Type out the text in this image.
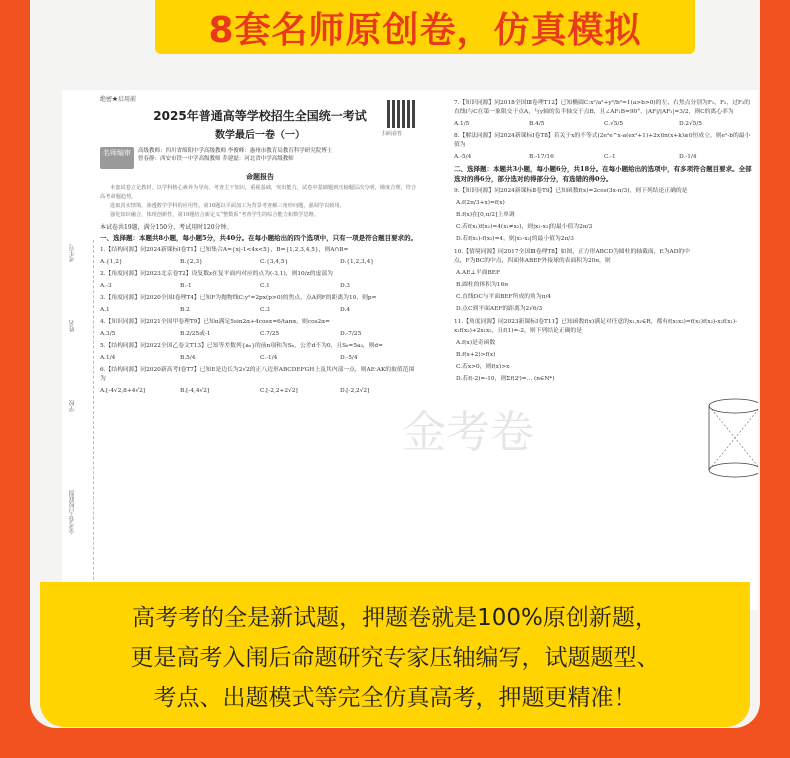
8套名师原创卷，仿真模拟
考生号
姓名
学校
金考卷·百校联盟
绝密★启用前
扫码看答
2025年普通高等学校招生全国统一考试
数学最后一卷（一）
名师编审	高级教师：四川省绵阳中学高级教师 李俊峰：惠州市教育局教育科学研究院博士
曾春静：西安市铁一中学高级教师 乔建磊：河北省中学高级教师
命题报告
本套试卷立足教材，以学科核心素养为导向，考查主干知识，重视基础，突出能力，试卷中基础题到压轴题层次分明，梯度合理，符合高考命题趋势。
选取真实情境，渗透数学学科的应用性。第16题以平面加工为背景考查解三角形问题，强调学以致用。
强化知识融合，体现创新性，第19题结合新定义“整数系”考查学生的综合能力和数学思维。
本试卷共19题，满分150分，考试用时120分钟。
一、选择题：本题共8小题，每小题5分，共40分。在每小题给出的四个选项中，只有一项是符合题目要求的。
1.【结构同源】同2024新课标Ⅰ卷T1】已知集合A={x|-1<4x<5}，B={1,2,3,4,5}，则A∩B=
A.{1,2}	B.{2,3}	C.{3,4,5}	D.{1,2,3,4}
2.【角度同源】同2023北京卷T2】设复数z在复平面内对应的点为(-3,1)，则10/z的虚部为
A.-3	B.-1	C.1	D.3
3.【角度同源】同2020全国Ⅰ卷理T4】已知F为抛物线C:y²=2px(p>0)的焦点，点A到F的距离为10，则p=
A.1	B.2	C.3	D.4
4.【知识同源】同2021全国甲卷理T9】已知α满足5sin2α+4cosα=6/tanα，则cos2α=
A.3/5	B.2/25或-1	C.7/25	D.-7/25
5.【结构同源】同2022全国乙卷文T13】已知等差数列{aₙ}的前n项和为Sₙ，公差d不为0，且S₆=5a₃，则d=
A.1/4	B.5/4	C.-1/4	D.-5/4
6.【结构同源】同2020新高考Ⅰ卷T7】已知E是边长为2√2的正八边形ABCDEFGH上及其内部一点，则AE·AK的取值范围为
A.[-4√2,8+4√2]	B.[-4,4√2]	C.[-2,2+2√2]	D.[-2,2√2]
7.【知识同源】同2018全国Ⅲ卷理T12】已知椭圆C:x²/a²+y²/b²=1(a>b>0)的左、右焦点分别为F₁，F₂，过F₂的直线l与C在第一象限交于点A，与y轴的负半轴交于点B，且∠AF₁B=90°，|AF|/|AF₁|=3/2，则C的离心率为
A.1/5	B.4/5	C.√5/5	D.2√5/5
8.【解法同源】同2024新课标Ⅰ卷T8】若关于x的不等式(2e²e^x-a(ex²+1)+2x)ln(x+k)≥0恒成立，则e²-b的最小值为
A.-5/4	B.-17/16	C.-1	D.-1/4
二、选择题：本题共3小题，每小题6分，共18分。在每小题给出的选项中，有多项符合题目要求。全部选对的得6分，部分选对的得部分分，有选错的得0分。
9.【知识同源】同2024新课标Ⅱ卷T9】已知函数f(x)=2cos(3x-π/3)，则下列结论正确的是
A.f(2π/3+x)=f(x)
B.f(x)在[0,π/2]上单调
C.若f(x₁)f(x₂)=4(x₁≠x₂)，则|x₁-x₂|的最小值为2π/3
D.若f(x₁)-f(x₂)=4，则|x₁-x₂|的最小值为2π/3
10.【情境同源】同2017全国Ⅲ卷理T8】如图，正方形ABCD为圆柱的轴截面，E为AD的中点，F为BC的中点，四面体ABEF外接球的表面积为20π，则
A.AE⊥平面BEF
B.圆柱的体积为16π
C.直线DC与平面BEF所成的角为π/4
D.点C到平面AEF的距离为2√6/3
11.【角度同源】同2023新课标Ⅰ卷T11】已知函数f(x)满足对任意的x₁,x₂∈R，都有f(x₁x₂)=f(x₁)f(x₂)-x₂f(x₁)-x₁f(x₂)+2x₁x₂，且f(1)=-2，则下列结论正确的是
A.f(x)是奇函数
B.f(x+2)>f(x)
C.若x>0，则f(x)>x
D.若f(-2)=-10，则Σf(2ⁱ)=... (n∈N*)
金考卷
高考考的全是新试题，押题卷就是100%原创新题，
更是高考入闱后命题研究专家压轴编写，试题题型、
考点、出题模式等完全仿真高考，押题更精准！
